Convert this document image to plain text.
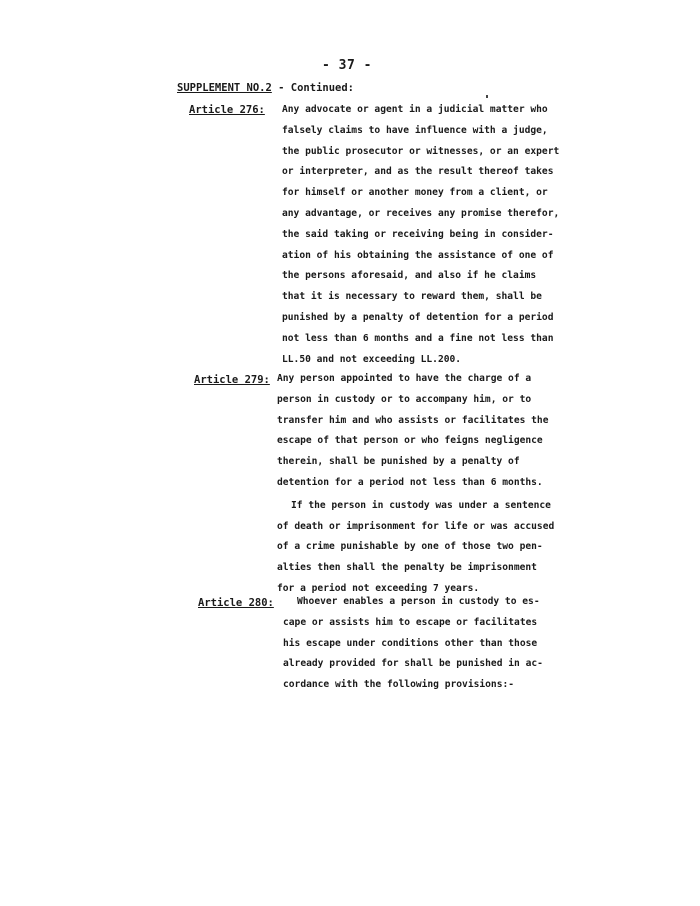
- 37 -
SUPPLEMENT NO.2 - Continued:
Article 276: Any advocate or agent in a judicial matter who
falsely claims to have influence with a judge,
the public prosecutor or witnesses, or an expert
or interpreter, and as the result thereof takes
for himself or another money from a client, or
any advantage, or receives any promise therefor,
the said taking or receiving being in consider-
ation of his obtaining the assistance of one of
the persons aforesaid, and also if he claims
that it is necessary to reward them, shall be
punished by a penalty of detention for a period
not less than 6 months and a fine not less than
LL.50 and not exceeding LL.200.
Article 279: Any person appointed to have the charge of a
person in custody or to accompany him, or to
transfer him and who assists or facilitates the
escape of that person or who feigns negligence
therein, shall be punished by a penalty of
detention for a period not less than 6 months.
If the person in custody was under a sentence
of death or imprisonment for life or was accused
of a crime punishable by one of those two pen-
alties then shall the penalty be imprisonment
for a period not exceeding 7 years.
Article 280:	Whoever enables a person in custody to es-
cape or assists him to escape or facilitates
his escape under conditions other than those
already provided for shall be punished in ac-
cordance with the following provisions:-
